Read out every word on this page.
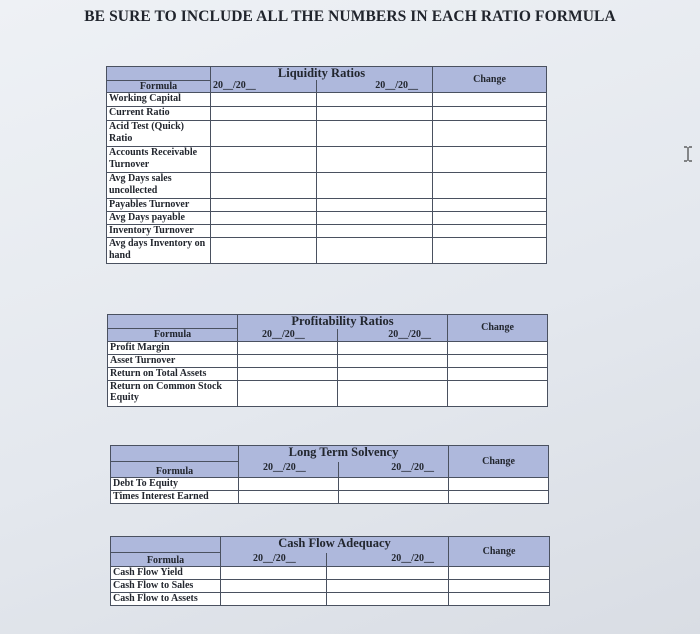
BE SURE TO INCLUDE ALL THE NUMBERS IN EACH RATIO FORMULA
	Liquidity Ratios		Change
Formula	20__/20__	20__/20__	
Working Capital			
Current Ratio			
Acid Test (Quick) Ratio			
Accounts Receivable Turnover			
Avg Days sales uncollected			
Payables Turnover			
Avg Days payable			
Inventory Turnover			
Avg days Inventory on hand			
	Profitability Ratios		Change
Formula	20__/20__	20__/20__	
Profit Margin			
Asset Turnover			
Return on Total Assets			
Return on Common Stock Equity			
	Long Term Solvency		Change
Formula	20__/20__	20__/20__	
Debt To Equity			
Times Interest Earned			
	Cash Flow Adequacy		Change
Formula	20__/20__	20__/20__	
Cash Flow Yield			
Cash Flow to Sales			
Cash Flow to Assets			
